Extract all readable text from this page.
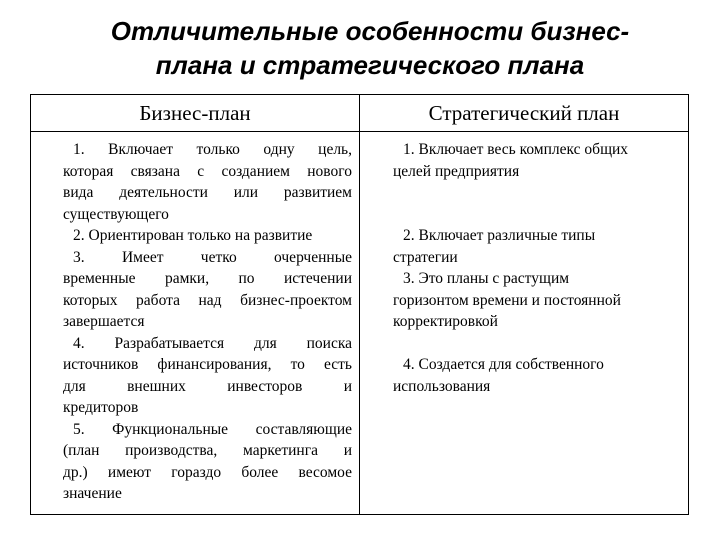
Отличительные особенности бизнес-
плана и стратегического плана
Бизнес-план	Стратегический план
1. Включает только одну цель,
которая связана с созданием нового
вида деятельности или развитием
существующего
2. Ориентирован только на развитие
3. Имеет четко очерченные
временные рамки, по истечении
которых работа над бизнес-проектом
завершается
4. Разрабатывается для поиска
источников финансирования, то есть
для внешних инвесторов и
кредиторов
5. Функциональные составляющие
(план производства, маркетинга и
др.) имеют гораздо более весомое
значение
1. Включает весь комплекс общих
целей предприятия
2. Включает различные типы
стратегии
3. Это планы с растущим
горизонтом времени и постоянной
корректировкой
4. Создается для собственного
использования
